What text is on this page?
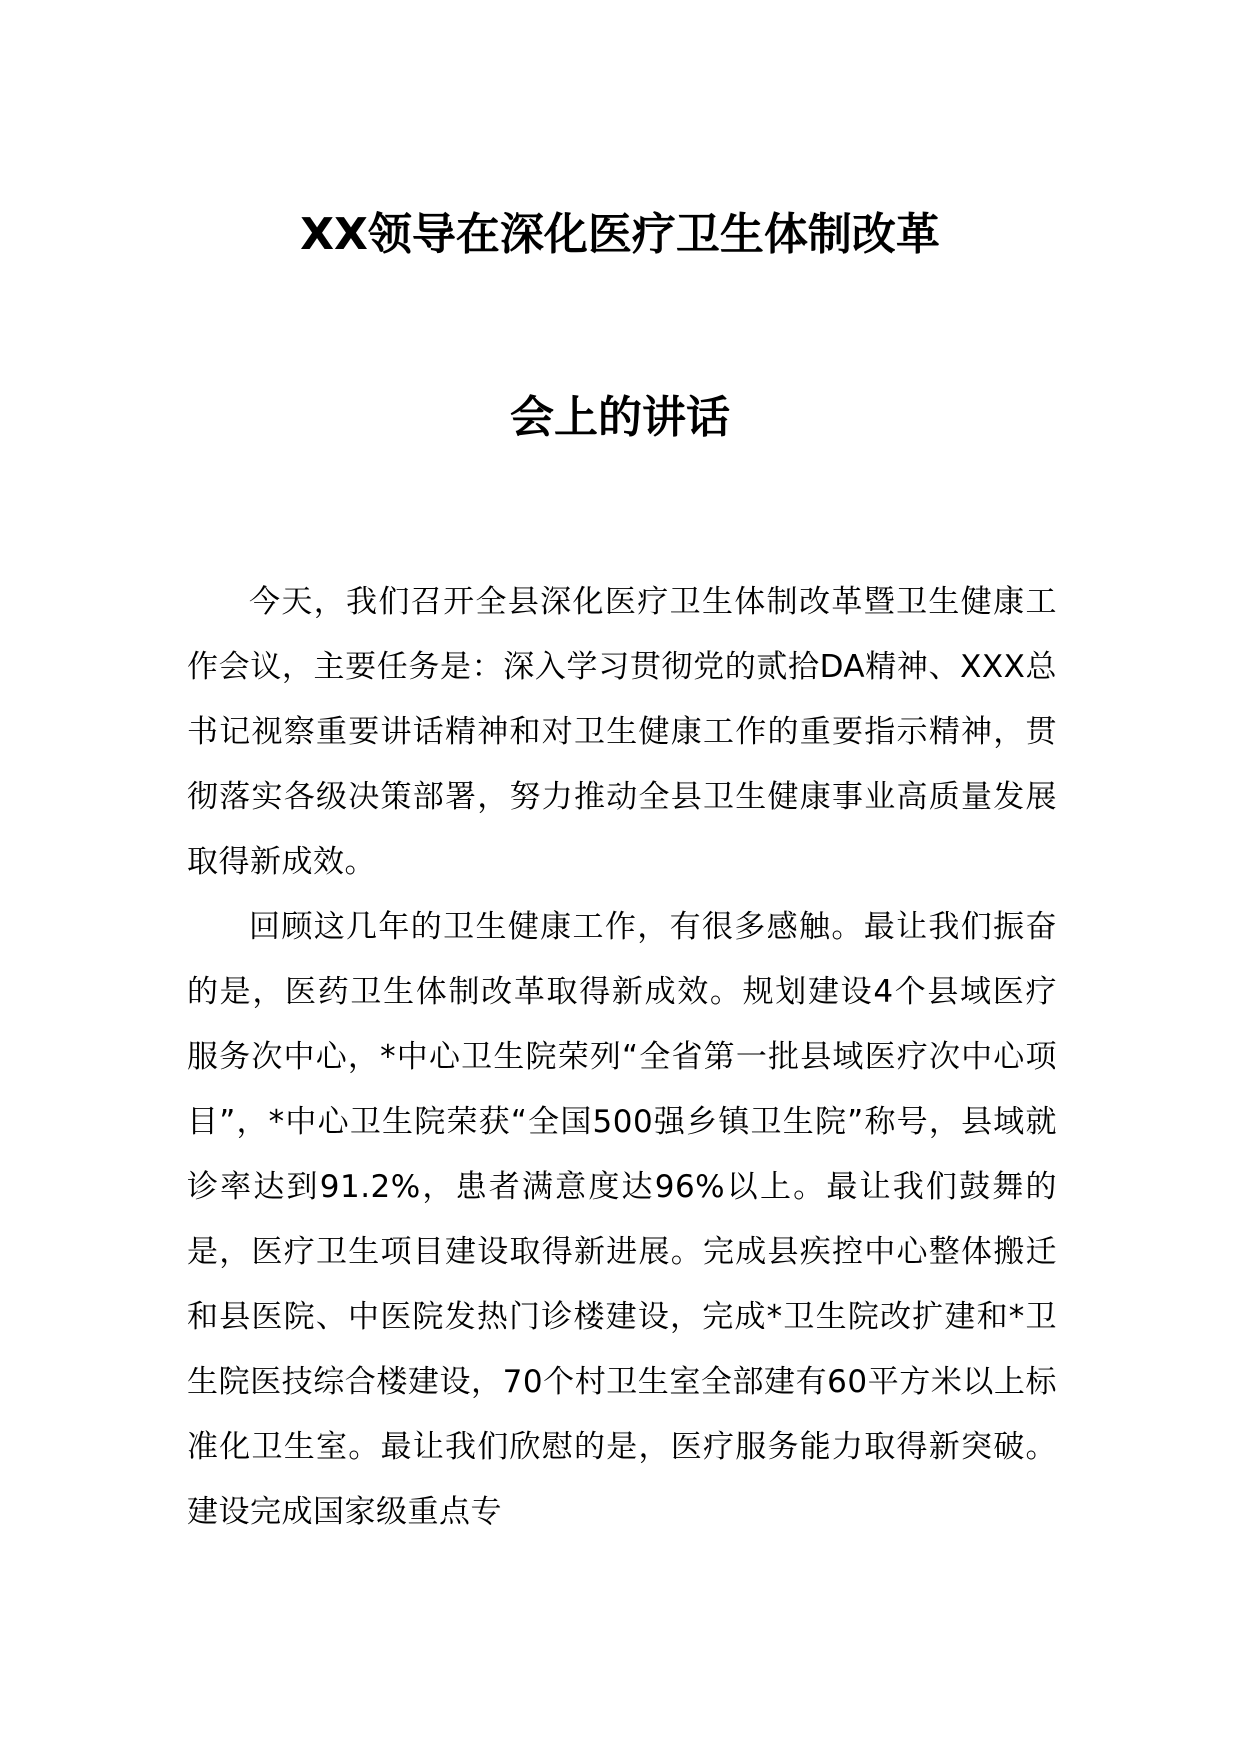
XX领导在深化医疗卫生体制改革
会上的讲话

今天，我们召开全县深化医疗卫生体制改革暨卫生健康工作会议，主要任务是：深入学习贯彻党的贰拾DA精神、XXX总书记视察重要讲话精神和对卫生健康工作的重要指示精神，贯彻落实各级决策部署，努力推动全县卫生健康事业高质量发展取得新成效。

回顾这几年的卫生健康工作，有很多感触。最让我们振奋的是，医药卫生体制改革取得新成效。规划建设4个县域医疗服务次中心，*中心卫生院荣列“全省第一批县域医疗次中心项目”，*中心卫生院荣获“全国500强乡镇卫生院”称号，县域就诊率达到91.2%，患者满意度达96%以上。最让我们鼓舞的是，医疗卫生项目建设取得新进展。完成县疾控中心整体搬迁和县医院、中医院发热门诊楼建设，完成*卫生院改扩建和*卫生院医技综合楼建设，70个村卫生室全部建有60平方米以上标准化卫生室。最让我们欣慰的是，医疗服务能力取得新突破。建设完成国家级重点专
